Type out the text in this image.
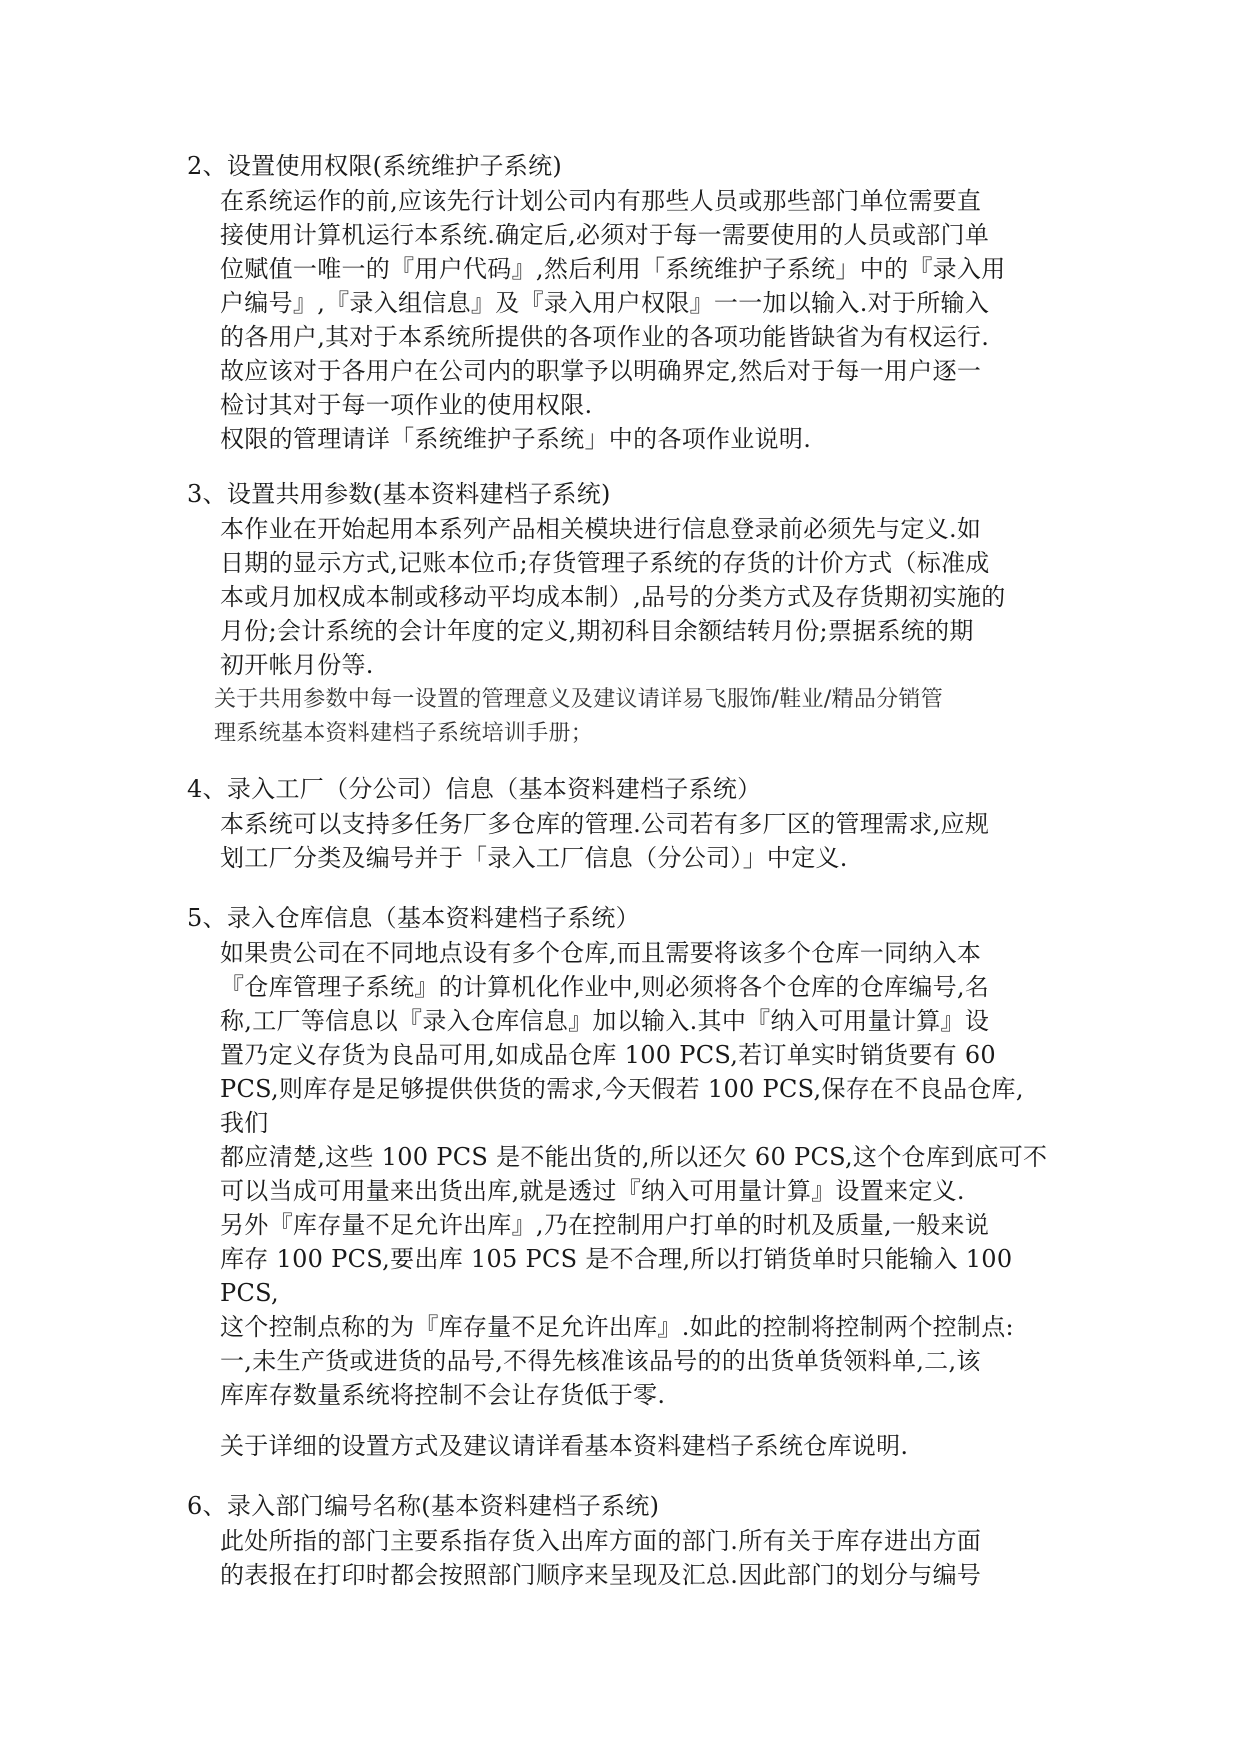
2、设置使用权限(系统维护子系统)
在系统运作的前,应该先行计划公司内有那些人员或那些部门单位需要直
接使用计算机运行本系统.确定后,必须对于每一需要使用的人员或部门单
位赋值一唯一的『用户代码』,然后利用「系统维护子系统」中的『录入用
户编号』,『录入组信息』及『录入用户权限』一一加以输入.对于所输入
的各用户,其对于本系统所提供的各项作业的各项功能皆缺省为有权运行.
故应该对于各用户在公司内的职掌予以明确界定,然后对于每一用户逐一
检讨其对于每一项作业的使用权限.
权限的管理请详「系统维护子系统」中的各项作业说明.
3、设置共用参数(基本资料建档子系统)
本作业在开始起用本系列产品相关模块进行信息登录前必须先与定义.如
日期的显示方式,记账本位币;存货管理子系统的存货的计价方式（标准成
本或月加权成本制或移动平均成本制）,品号的分类方式及存货期初实施的
月份;会计系统的会计年度的定义,期初科目余额结转月份;票据系统的期
初开帐月份等.
关于共用参数中每一设置的管理意义及建议请详易飞服饰/鞋业/精品分销管
理系统基本资料建档子系统培训手册；
4、录入工厂（分公司）信息（基本资料建档子系统）
本系统可以支持多任务厂多仓库的管理.公司若有多厂区的管理需求,应规
划工厂分类及编号并于「录入工厂信息（分公司）」中定义.
5、录入仓库信息（基本资料建档子系统）
如果贵公司在不同地点设有多个仓库,而且需要将该多个仓库一同纳入本
『仓库管理子系统』的计算机化作业中,则必须将各个仓库的仓库编号,名
称,工厂等信息以『录入仓库信息』加以输入.其中『纳入可用量计算』设
置乃定义存货为良品可用,如成品仓库 100 PCS,若订单实时销货要有 60
PCS,则库存是足够提供供货的需求,今天假若 100 PCS,保存在不良品仓库,
我们
都应清楚,这些 100 PCS 是不能出货的,所以还欠 60 PCS,这个仓库到底可不
可以当成可用量来出货出库,就是透过『纳入可用量计算』设置来定义.
另外『库存量不足允许出库』,乃在控制用户打单的时机及质量,一般来说
库存 100 PCS,要出库 105 PCS 是不合理,所以打销货单时只能输入 100
PCS,
这个控制点称的为『库存量不足允许出库』.如此的控制将控制两个控制点:
一,未生产货或进货的品号,不得先核准该品号的的出货单货领料单,二,该
库库存数量系统将控制不会让存货低于零.
关于详细的设置方式及建议请详看基本资料建档子系统仓库说明.
6、录入部门编号名称(基本资料建档子系统)
此处所指的部门主要系指存货入出库方面的部门.所有关于库存进出方面
的表报在打印时都会按照部门顺序来呈现及汇总.因此部门的划分与编号
